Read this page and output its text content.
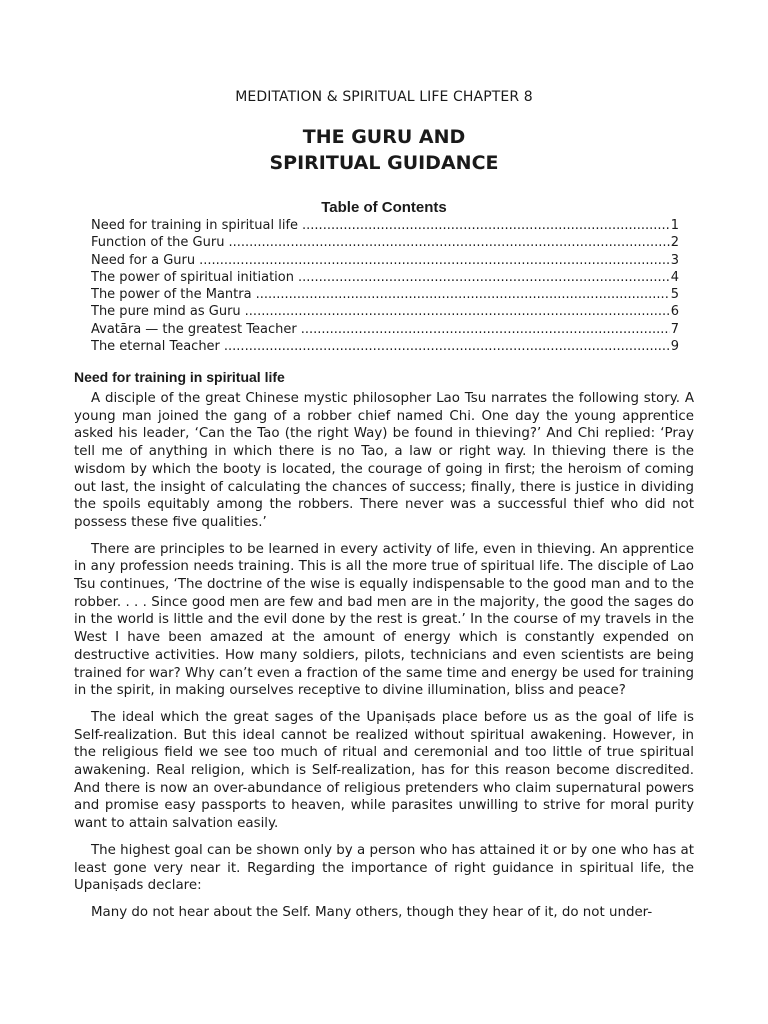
MEDITATION & SPIRITUAL LIFE CHAPTER 8
THE GURU AND
SPIRITUAL GUIDANCE
Table of Contents
Need for training in spiritual life .....	1
Function of the Guru .....	2
Need for a Guru .....	3
The power of spiritual initiation .....	4
The power of the Mantra .....	5
The pure mind as Guru .....	6
Avatāra — the greatest Teacher .....	7
The eternal Teacher .....	9
Need for training in spiritual life

A disciple of the great Chinese mystic philosopher Lao Tsu narrates the following story. A young man joined the gang of a robber chief named Chi. One day the young apprentice asked his leader, ‘Can the Tao (the right Way) be found in thieving?’ And Chi replied: ‘Pray tell me of anything in which there is no Tao, a law or right way. In thieving there is the wisdom by which the booty is located, the courage of going in first; the heroism of coming out last, the insight of calculating the chances of success; finally, there is justice in dividing the spoils equitably among the robbers. There never was a successful thief who did not possess these five qualities.’

There are principles to be learned in every activity of life, even in thieving. An apprentice in any profession needs training. This is all the more true of spiritual life. The disciple of Lao Tsu continues, ‘The doctrine of the wise is equally indispensable to the good man and to the robber. . . . Since good men are few and bad men are in the majority, the good the sages do in the world is little and the evil done by the rest is great.’ In the course of my travels in the West I have been amazed at the amount of energy which is constantly expended on destructive activities. How many soldiers, pilots, technicians and even scientists are being trained for war? Why can’t even a fraction of the same time and energy be used for training in the spirit, in making ourselves receptive to divine illumination, bliss and peace?

The ideal which the great sages of the Upaniṣads place before us as the goal of life is Self-realization. But this ideal cannot be realized without spiritual awakening. However, in the religious field we see too much of ritual and ceremonial and too little of true spiritual awakening. Real religion, which is Self-realization, has for this reason become discredited. And there is now an over-abundance of religious pretenders who claim supernatural powers and promise easy passports to heaven, while parasites unwilling to strive for moral purity want to attain salvation easily.

The highest goal can be shown only by a person who has attained it or by one who has at least gone very near it. Regarding the importance of right guidance in spiritual life, the Upaniṣads declare:

Many do not hear about the Self. Many others, though they hear of it, do not under-
